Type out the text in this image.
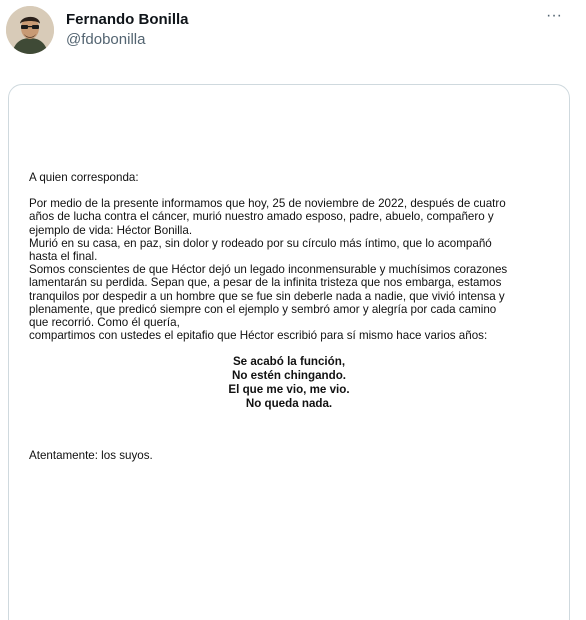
Fernando Bonilla
@fdobonilla
···

A quien corresponda:

Por medio de la presente informamos que hoy, 25 de noviembre de 2022, después de cuatro

años de lucha contra el cáncer, murió nuestro amado esposo, padre, abuelo, compañero y

ejemplo de vida: Héctor Bonilla.

Murió en su casa, en paz, sin dolor y rodeado por su círculo más íntimo, que lo acompañó

hasta el final.

Somos conscientes de que Héctor dejó un legado inconmensurable y muchísimos corazones

lamentarán su perdida. Sepan que, a pesar de la infinita tristeza que nos embarga, estamos

tranquilos por despedir a un hombre que se fue sin deberle nada a nadie, que vivió intensa y

plenamente, que predicó siempre con el ejemplo y sembró amor y alegría por cada camino

que recorrió. Como él quería,

compartimos con ustedes el epitafio que Héctor escribió para sí mismo hace varios años:

Se acabó la función,
No estén chingando.
El que me vio, me vio.
No queda nada.

Atentamente: los suyos.
